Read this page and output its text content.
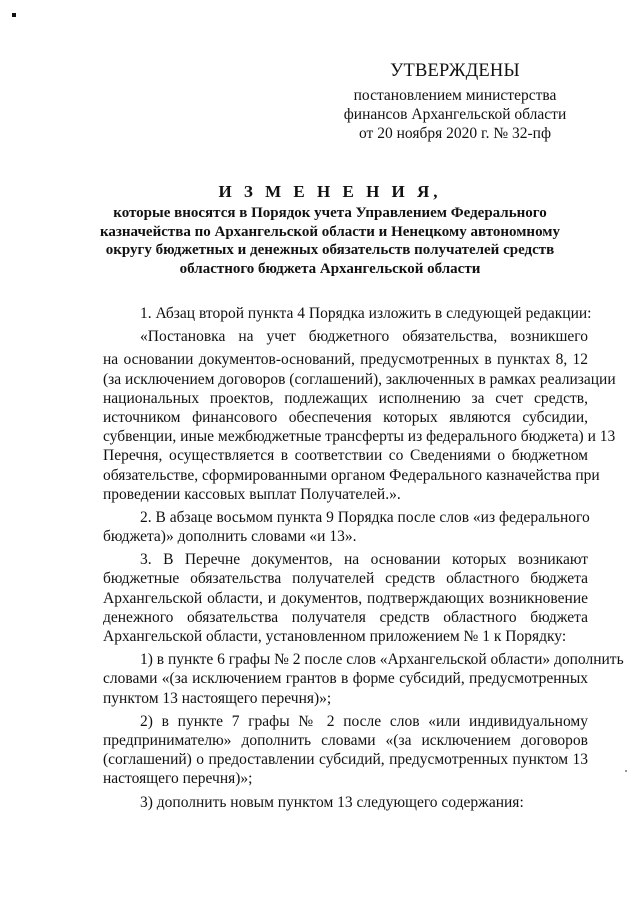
УТВЕРЖДЕНЫ
постановлением министерства
финансов Архангельской области
от 20 ноября 2020 г. № 32-пф
И З М Е Н Е Н И Я,
которые вносятся в Порядок учета Управлением Федерального
казначейства по Архангельской области и Ненецкому автономному
округу бюджетных и денежных обязательств получателей средств
областного бюджета Архангельской области
1. Абзац второй пункта 4 Порядка изложить в следующей редакции:
«Постановка на учет бюджетного обязательства, возникшего
на основании документов-оснований, предусмотренных в пунктах 8, 12
(за исключением договоров (соглашений), заключенных в рамках реализации
национальных проектов, подлежащих исполнению за счет средств,
источником финансового обеспечения которых являются субсидии,
субвенции, иные межбюджетные трансферты из федерального бюджета) и 13
Перечня, осуществляется в соответствии со Сведениями о бюджетном
обязательстве, сформированными органом Федерального казначейства при
проведении кассовых выплат Получателей.».
2. В абзаце восьмом пункта 9 Порядка после слов «из федерального
бюджета)» дополнить словами «и 13».
3. В Перечне документов, на основании которых возникают
бюджетные обязательства получателей средств областного бюджета
Архангельской области, и документов, подтверждающих возникновение
денежного обязательства получателя средств областного бюджета
Архангельской области, установленном приложением № 1 к Порядку:
1) в пункте 6 графы № 2 после слов «Архангельской области» дополнить
словами «(за исключением грантов в форме субсидий, предусмотренных
пунктом 13 настоящего перечня)»;
2) в пункте 7 графы № 2 после слов «или индивидуальному
предпринимателю» дополнить словами «(за исключением договоров
(соглашений) о предоставлении субсидий, предусмотренных пунктом 13
настоящего перечня)»;
3) дополнить новым пунктом 13 следующего содержания:
